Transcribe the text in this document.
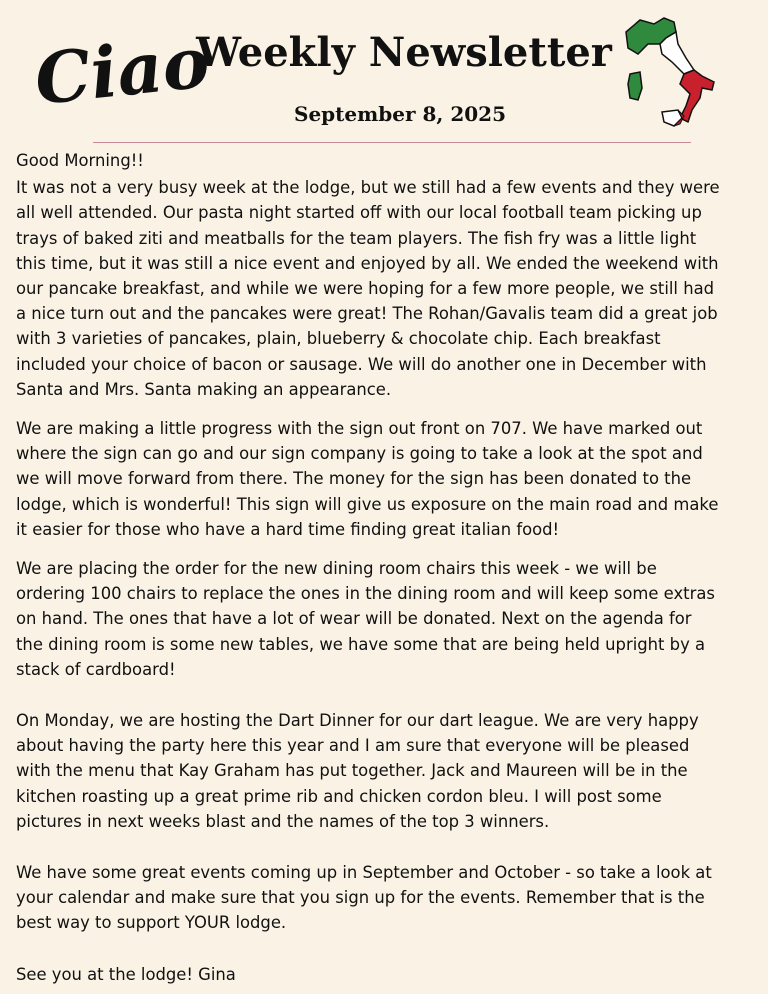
Ciao
Weekly Newsletter
September 8, 2025

Good Morning!!

It was not a very busy week at the lodge, but we still had a few events and they were
all well attended. Our pasta night started off with our local football team picking up
trays of baked ziti and meatballs for the team players. The fish fry was a little light
this time, but it was still a nice event and enjoyed by all. We ended the weekend with
our pancake breakfast, and while we were hoping for a few more people, we still had
a nice turn out and the pancakes were great! The Rohan/Gavalis team did a great job
with 3 varieties of pancakes, plain, blueberry & chocolate chip. Each breakfast
included your choice of bacon or sausage. We will do another one in December with
Santa and Mrs. Santa making an appearance.

We are making a little progress with the sign out front on 707. We have marked out
where the sign can go and our sign company is going to take a look at the spot and
we will move forward from there. The money for the sign has been donated to the
lodge, which is wonderful! This sign will give us exposure on the main road and make
it easier for those who have a hard time finding great italian food!

We are placing the order for the new dining room chairs this week - we will be
ordering 100 chairs to replace the ones in the dining room and will keep some extras
on hand. The ones that have a lot of wear will be donated. Next on the agenda for
the dining room is some new tables, we have some that are being held upright by a
stack of cardboard!

On Monday, we are hosting the Dart Dinner for our dart league. We are very happy
about having the party here this year and I am sure that everyone will be pleased
with the menu that Kay Graham has put together. Jack and Maureen will be in the
kitchen roasting up a great prime rib and chicken cordon bleu. I will post some
pictures in next weeks blast and the names of the top 3 winners.

We have some great events coming up in September and October - so take a look at
your calendar and make sure that you sign up for the events. Remember that is the
best way to support YOUR lodge.

See you at the lodge! Gina
